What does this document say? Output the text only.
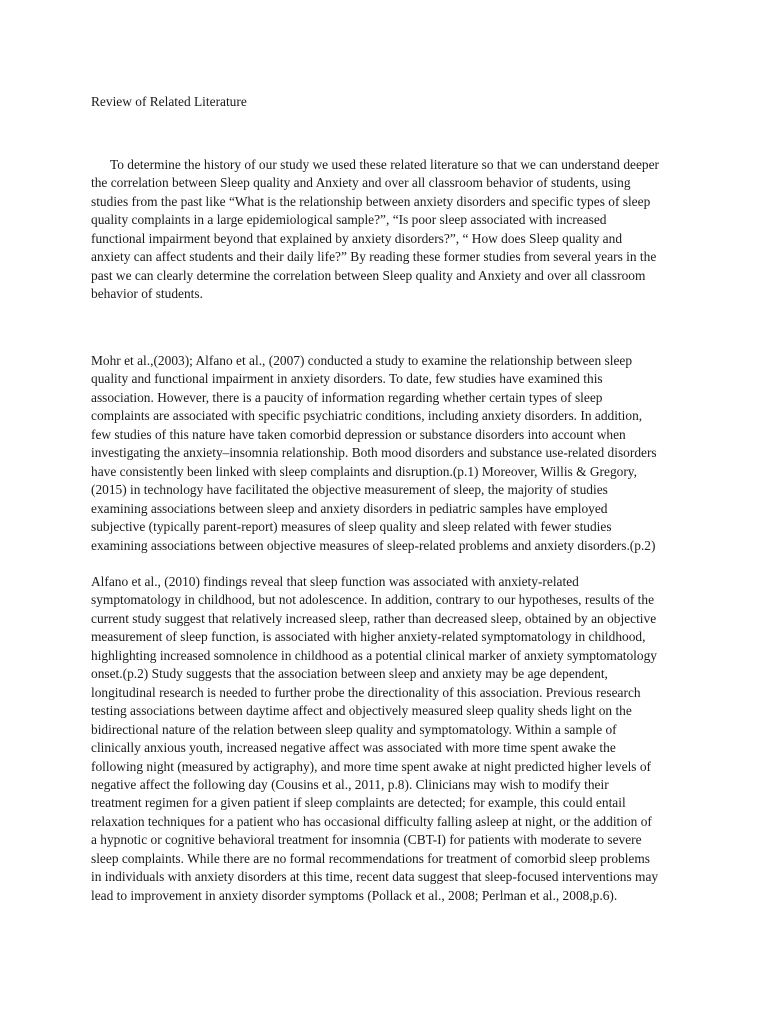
Review of Related Literature

To determine the history of our study we used these related literature so that we can understand deeper
the correlation between Sleep quality and Anxiety and over all classroom behavior of students, using
studies from the past like “What is the relationship between anxiety disorders and specific types of sleep
quality complaints in a large epidemiological sample?”, “Is poor sleep associated with increased
functional impairment beyond that explained by anxiety disorders?”, “ How does Sleep quality and
anxiety can affect students and their daily life?” By reading these former studies from several years in the
past we can clearly determine the correlation between Sleep quality and Anxiety and over all classroom
behavior of students.

Mohr et al.,(2003); Alfano et al., (2007) conducted a study to examine the relationship between sleep
quality and functional impairment in anxiety disorders. To date, few studies have examined this
association. However, there is a paucity of information regarding whether certain types of sleep
complaints are associated with specific psychiatric conditions, including anxiety disorders. In addition,
few studies of this nature have taken comorbid depression or substance disorders into account when
investigating the anxiety–insomnia relationship. Both mood disorders and substance use-related disorders
have consistently been linked with sleep complaints and disruption.(p.1) Moreover, Willis & Gregory,
(2015) in technology have facilitated the objective measurement of sleep, the majority of studies
examining associations between sleep and anxiety disorders in pediatric samples have employed
subjective (typically parent-report) measures of sleep quality and sleep related with fewer studies
examining associations between objective measures of sleep-related problems and anxiety disorders.(p.2)

Alfano et al., (2010) findings reveal that sleep function was associated with anxiety-related
symptomatology in childhood, but not adolescence. In addition, contrary to our hypotheses, results of the
current study suggest that relatively increased sleep, rather than decreased sleep, obtained by an objective
measurement of sleep function, is associated with higher anxiety-related symptomatology in childhood,
highlighting increased somnolence in childhood as a potential clinical marker of anxiety symptomatology
onset.(p.2) Study suggests that the association between sleep and anxiety may be age dependent,
longitudinal research is needed to further probe the directionality of this association. Previous research
testing associations between daytime affect and objectively measured sleep quality sheds light on the
bidirectional nature of the relation between sleep quality and symptomatology. Within a sample of
clinically anxious youth, increased negative affect was associated with more time spent awake the
following night (measured by actigraphy), and more time spent awake at night predicted higher levels of
negative affect the following day (Cousins et al., 2011, p.8). Clinicians may wish to modify their
treatment regimen for a given patient if sleep complaints are detected; for example, this could entail
relaxation techniques for a patient who has occasional difficulty falling asleep at night, or the addition of
a hypnotic or cognitive behavioral treatment for insomnia (CBT-I) for patients with moderate to severe
sleep complaints. While there are no formal recommendations for treatment of comorbid sleep problems
in individuals with anxiety disorders at this time, recent data suggest that sleep-focused interventions may
lead to improvement in anxiety disorder symptoms (Pollack et al., 2008; Perlman et al., 2008,p.6).
